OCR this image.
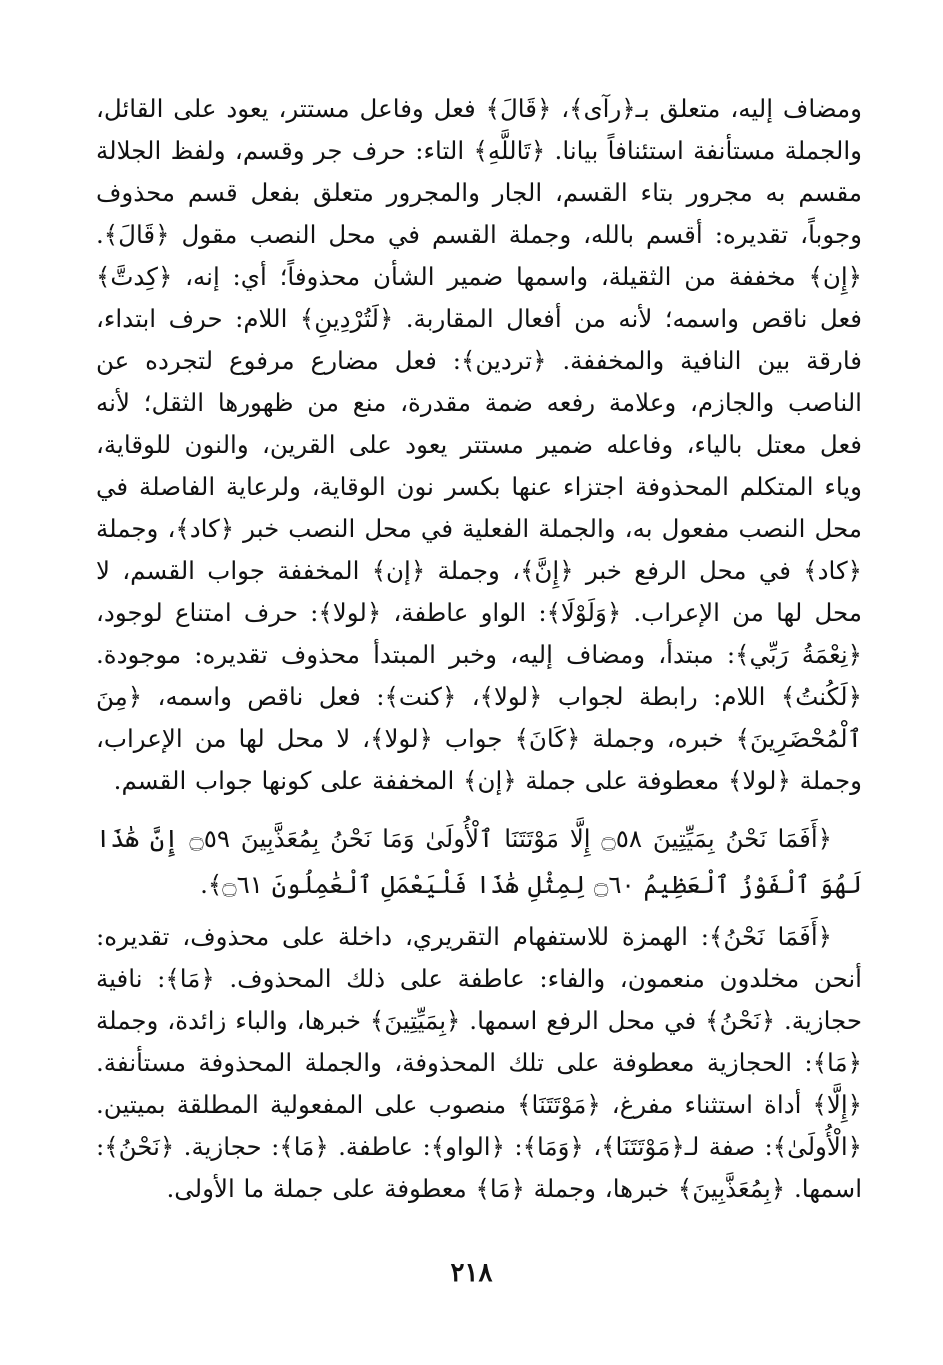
ومضاف إليه، متعلق بـ﴿رآى﴾، ﴿قَالَ﴾ فعل وفاعل مستتر، يعود على القائل، والجملة مستأنفة استئنافاً بيانا. ﴿تَاللَّهِ﴾ التاء: حرف جر وقسم، ولفظ الجلالة مقسم به مجرور بتاء القسم، الجار والمجرور متعلق بفعل قسم محذوف وجوباً، تقديره: أقسم بالله، وجملة القسم في محل النصب مقول ﴿قَالَ﴾. ﴿إِن﴾ مخففة من الثقيلة، واسمها ضمير الشأن محذوفاً؛ أي: إنه، ﴿كِدتَّ﴾ فعل ناقص واسمه؛ لأنه من أفعال المقاربة. ﴿لَتُرْدِينِ﴾ اللام: حرف ابتداء، فارقة بين النافية والمخففة. ﴿تردين﴾: فعل مضارع مرفوع لتجرده عن الناصب والجازم، وعلامة رفعه ضمة مقدرة، منع من ظهورها الثقل؛ لأنه فعل معتل بالياء، وفاعله ضمير مستتر يعود على القرين، والنون للوقاية، وياء المتكلم المحذوفة اجتزاء عنها بكسر نون الوقاية، ولرعاية الفاصلة في محل النصب مفعول به، والجملة الفعلية في محل النصب خبر ﴿كاد﴾، وجملة ﴿كاد﴾ في محل الرفع خبر ﴿إِنَّ﴾، وجملة ﴿إن﴾ المخففة جواب القسم، لا محل لها من الإعراب. ﴿وَلَوْلَا﴾: الواو عاطفة، ﴿لولا﴾: حرف امتناع لوجود، ﴿نِعْمَةُ رَبِّي﴾: مبتدأ، ومضاف إليه، وخبر المبتدأ محذوف تقديره: موجودة. ﴿لَكُنتُ﴾ اللام: رابطة لجواب ﴿لولا﴾، ﴿كنت﴾: فعل ناقص واسمه، ﴿مِنَ ٱلْمُحْضَرِينَ﴾ خبره، وجملة ﴿كَانَ﴾ جواب ﴿لولا﴾، لا محل لها من الإعراب، وجملة ﴿لولا﴾ معطوفة على جملة ﴿إن﴾ المخففة على كونها جواب القسم.

﴿أَفَمَا نَحْنُ بِمَيِّتِينَ ۝٥٨ إِلَّا مَوْتَتَنَا ٱلْأُولَىٰ وَمَا نَحْنُ بِمُعَذَّبِينَ ۝٥٩ إِنَّ هَٰذَا لَهُوَ ٱلْفَوْزُ ٱلْعَظِيمُ ۝٦٠ لِمِثْلِ هَٰذَا فَلْيَعْمَلِ ٱلْعَٰمِلُونَ ۝٦١﴾.

﴿أَفَمَا نَحْنُ﴾: الهمزة للاستفهام التقريري، داخلة على محذوف، تقديره: أنحن مخلدون منعمون، والفاء: عاطفة على ذلك المحذوف. ﴿مَا﴾: نافية حجازية. ﴿نَحْنُ﴾ في محل الرفع اسمها. ﴿بِمَيِّتِينَ﴾ خبرها، والباء زائدة، وجملة ﴿مَا﴾: الحجازية معطوفة على تلك المحذوفة، والجملة المحذوفة مستأنفة. ﴿إِلَّا﴾ أداة استثناء مفرغ، ﴿مَوْتَتَنَا﴾ منصوب على المفعولية المطلقة بميتين. ﴿الْأُولَىٰ﴾: صفة لـ﴿مَوْتَتَنَا﴾، ﴿وَمَا﴾: ﴿الواو﴾: عاطفة. ﴿مَا﴾: حجازية. ﴿نَحْنُ﴾: اسمها. ﴿بِمُعَذَّبِينَ﴾ خبرها، وجملة ﴿مَا﴾ معطوفة على جملة ما الأولى.

٢١٨
